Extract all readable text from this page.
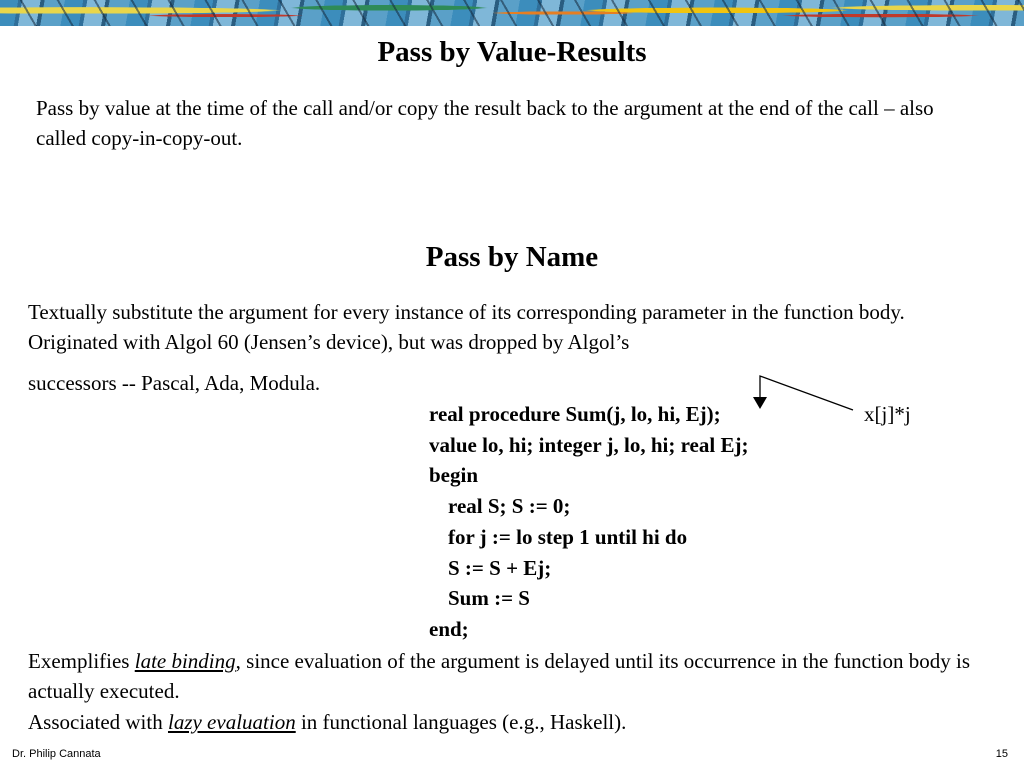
Pass by Value-Results

Pass by value at the time of the call and/or copy the result back to the argument at the end of the call – also called copy-in-copy-out.

Pass by Name

Textually substitute the argument for every instance of its corresponding parameter in the function body. Originated with Algol 60 (Jensen’s device), but was dropped by Algol’s

successors -- Pascal, Ada, Modula.

real procedure Sum(j, lo, hi, Ej);
value lo, hi; integer j, lo, hi; real Ej;
begin
real S; S := 0;
for j := lo step 1 until hi do
S := S + Ej;
Sum := S
end;
x[j]*j

Exemplifies late binding, since evaluation of the argument is delayed until its occurrence in the function body is actually executed.

Associated with lazy evaluation in functional languages (e.g., Haskell).

Dr. Philip Cannata	15
